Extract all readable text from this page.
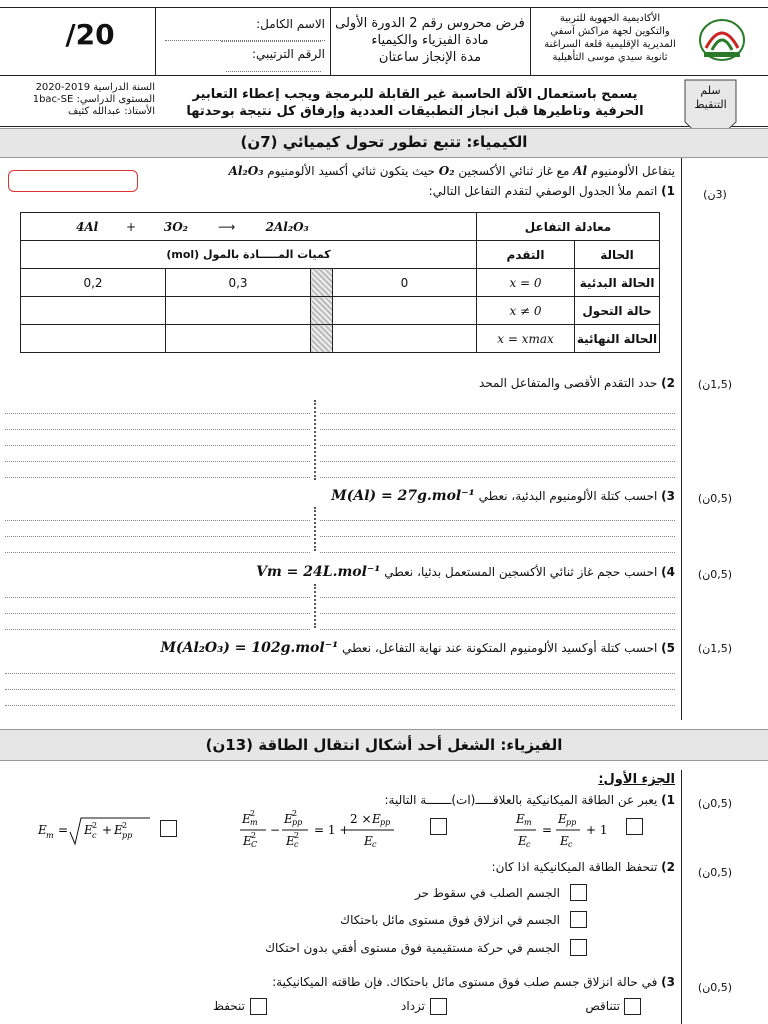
/20	الاسم الكامل:
الرقم الترتيبي:
فرض محروس رقم 2 الدورة الأولى
مادة الفيزياء والكيمياء
مدة الإنجاز ساعتان
الأكاديمية الجهوية للتربية
والتكوين لجهة مراكش آسفي
المديرية الإقليمية قلعة السراغنة
ثانوية سيدي موسى التأهيلية
السنة الدراسية 2019-2020
المستوى الدراسي: 1bac-SE
الأستاذ: عبدالله كثيف
يسمح باستعمال الآلة الحاسبة غير القابلة للبرمجة ويجب إعطاء التعابير
الحرفية وتاطيرها قبل انجاز التطبيقات العددية وإرفاق كل نتيجة بوحدتها
سلم
التنقيط
الكيمياء: تتبع تطور تحول كيميائي (7ن)
يتفاعل الألومنيوم Al مع غاز ثنائي الأكسجين O₂ حيث يتكون ثنائي أكسيد الألومنيوم Al₂O₃
1) اتمم ملأ الجدول الوصفي لتقدم التفاعل التالي:	(3ن)
4Al + 3O₂ ⟶ 2Al₂O₃				معادلة التفاعل	
كميات المـــــادة بالمول (mol)				التقدم	الحالة
0,2	0,3		0	x = 0	الحالة البدئية
				x ≠ 0	حالة التحول
				x = xmax	الحالة النهائية
2) حدد التقدم الأقصى والمتفاعل المحد	(1,5ن)
3) احسب كتلة الألومنيوم البدئية، نعطي M(Al) = 27g.mol⁻¹	(0,5ن)
4) احسب حجم غاز ثنائي الأكسجين المستعمل بدئيا، نعطي Vm = 24L.mol⁻¹	(0,5ن)
5) احسب كتلة أوكسيد الألومنيوم المتكونة عند نهاية التفاعل، نعطي M(Al₂O₃) = 102g.mol⁻¹	(1,5ن)
الفيزياء: الشغل أحد أشكال انتقال الطاقة (13ن)
الجزء الأول:
1) يعبر عن الطاقة الميكانيكية بالعلاقـــــ(ات)ـــــــة التالية:	(0,5ن)
E m = E c
2 + E pp
2	E m
2
E C
2 −
E pp
2
E c
2 = 1 +
2 × E pp
E c
E m
E c
=
E pp
E c
+ 1
2) تنحفظ الطاقة الميكانيكية اذا كان:	(0,5ن)
الجسم الصلب في سقوط حر
الجسم في انزلاق فوق مستوى مائل باحتكاك
الجسم في حركة مستقيمية فوق مستوى أفقي بدون احتكاك
3) في حالة انزلاق جسم صلب فوق مستوى مائل باحتكاك. فإن طاقته الميكانيكية:	(0,5ن)
تتناقص
تزداد
تنحفظ
